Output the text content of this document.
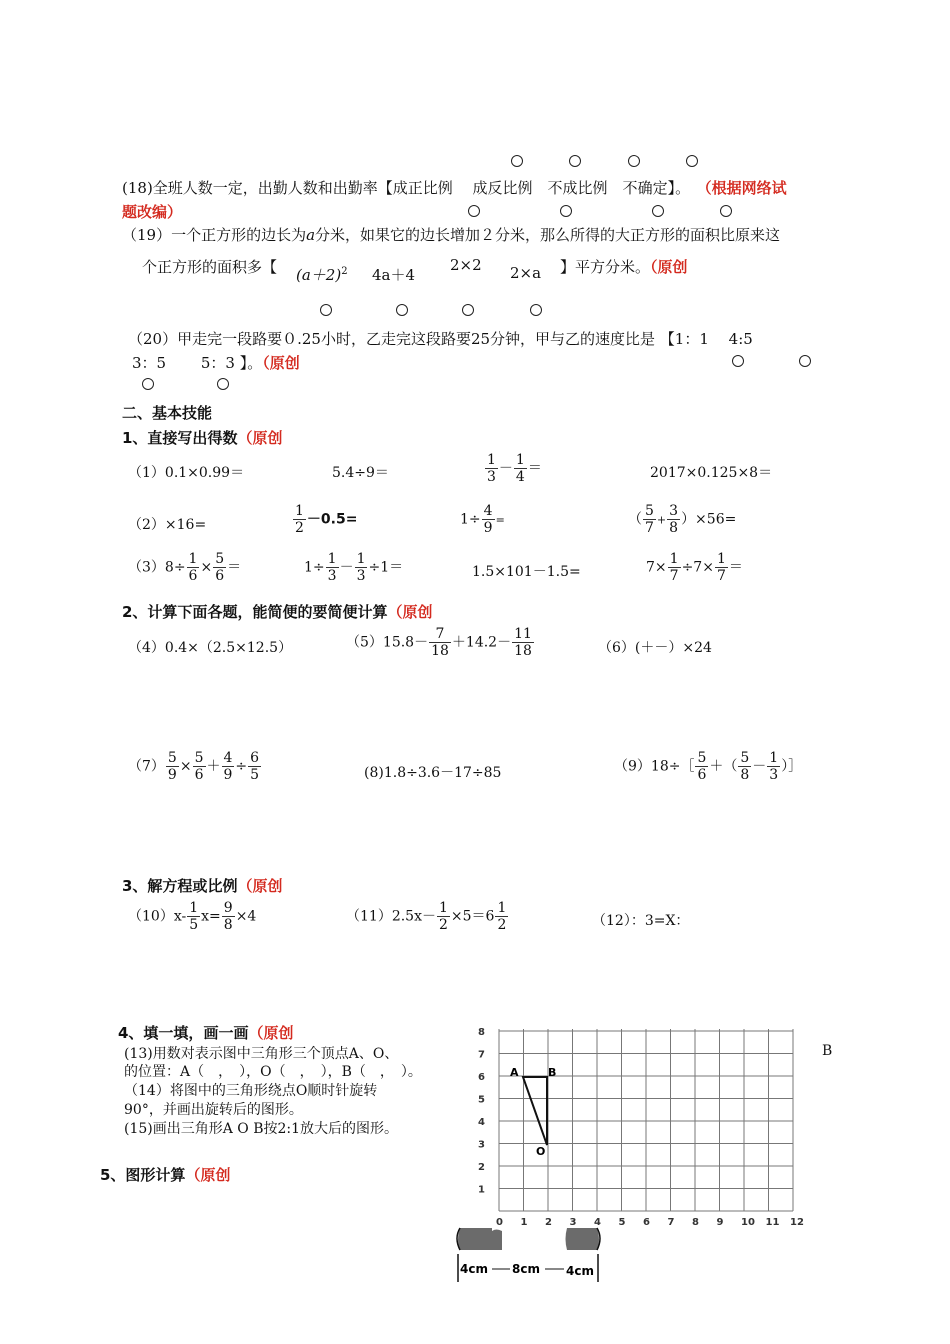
(18)全班人数一定，出勤人数和出勤率【成正比例　 成反比例　不成比例　不确定】。 （根据网络试
题改编）
（19）一个正方形的边长为a分米，如果它的边长增加２分米，那么所得的大正方形的面积比原来这
个正方形的面积多【 $(a+2)^2$ 4a＋4
2×2 2×a 】平方分米。（原创
（20）甲走完一段路要０.25小时，乙走完这段路要25分钟，甲与乙的速度比是 【1：1　 4:5
3：5　　 5：3 】。（原创
二、基本技能
1、直接写出得数（原创
（1）0.1×0.99＝	5.4÷9＝	$\frac{1}{3} - \frac{1}{4}$ ＝	2017×0.125×8＝
（2）×16=	$\frac{1}{2} -0.5=$	$1\div \frac{4}{9}$ =	（ $\frac{5}{7} + \frac{3}{8} )\times 56=$
$(3)8\div \frac{1}{6} \times \frac{5}{6}$ ＝	$1\div \frac{1}{3} - \frac{1}{3} \div 1=$	1.5×101－1.5=	$7\times \frac{1}{7} \div 7\times \frac{1}{7}$ ＝
2、计算下面各题，能简便的要简便计算（原创
（4）0.4×（2.5×12.5）	$(5)15.8- \frac{7}{18} +14.2- \frac{11}{18}$	（6）(＋－）×24
$(7) \frac{5}{9} \times \frac{5}{6} + \frac{4}{9} \div \frac{6}{5}$	(8)1.8÷3.6－17÷85	（9）18÷［ $\frac{5}{6}$ ＋（ $\frac{5}{8} - \frac{1}{3}$ ）］
3、解方程或比例（原创
$(10)x- \frac{1}{5} x= \frac{9}{8} \times 4$	$(11)2.5x- \frac{1}{2} \times 5=6 \frac{1}{2}$	（12）：3=X：
4、填一填，画一画（原创
(13)用数对表示图中三角形三个顶点A、O、
的位置：A（　，　），O（　，　），B（　，　）。
（14）将图中的三角形绕点O顺时针旋转
90°，并画出旋转后的图形。
(15)画出三角形A O B按2:1放大后的图形。
B
5、图形计算（原创
0 1 2 3 4 5 6 7 8 9 10 11 12
1
2
3
4
5
6
7
8
A	B
O
4cm 8cm 4cm
